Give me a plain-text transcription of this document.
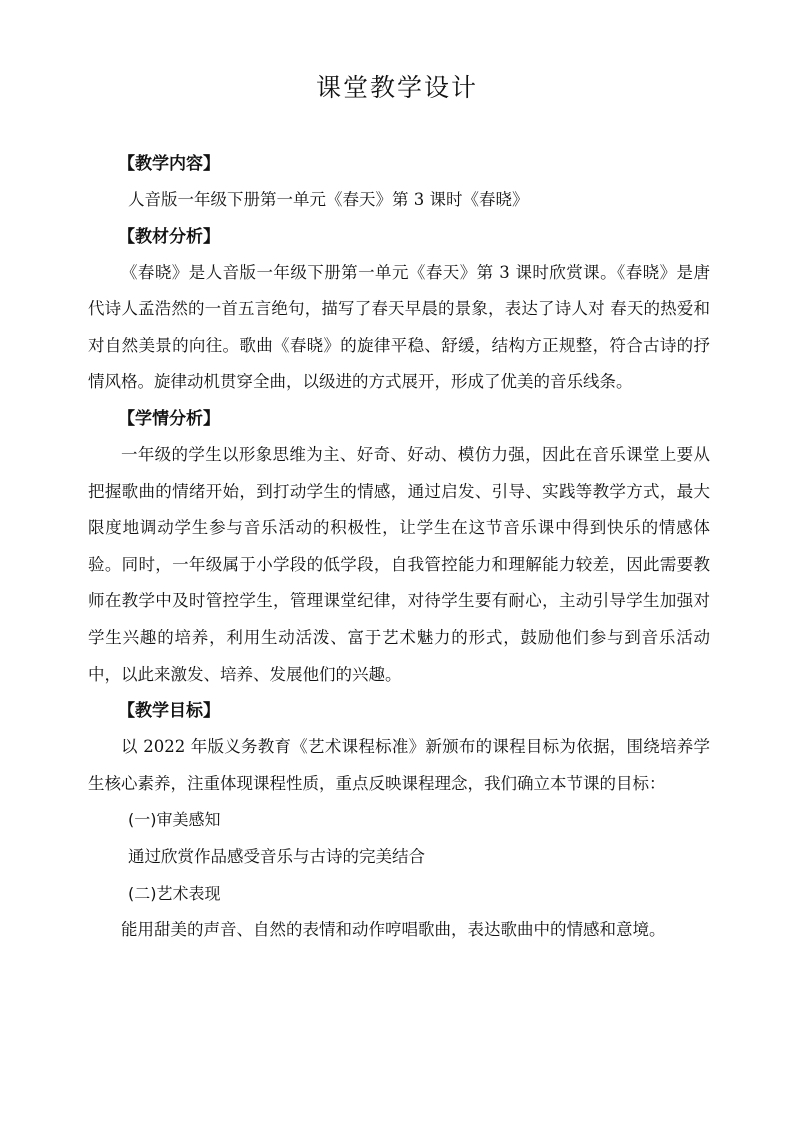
课堂教学设计
【教学内容】
人音版一年级下册第一单元《春天》第 3 课时《春晓》
【教材分析】

《春晓》是人音版一年级下册第一单元《春天》第 3 课时欣赏课。《春晓》是唐代诗人孟浩然的一首五言绝句，描写了春天早晨的景象，表达了诗人对 春天的热爱和对自然美景的向往。歌曲《春晓》的旋律平稳、舒缓，结构方正规整，符合古诗的抒情风格。旋律动机贯穿全曲，以级进的方式展开，形成了优美的音乐线条。

【学情分析】

一年级的学生以形象思维为主、好奇、好动、模仿力强，因此在音乐课堂上要从把握歌曲的情绪开始，到打动学生的情感，通过启发、引导、实践等教学方式，最大限度地调动学生参与音乐活动的积极性，让学生在这节音乐课中得到快乐的情感体验。同时，一年级属于小学段的低学段，自我管控能力和理解能力较差，因此需要教师在教学中及时管控学生，管理课堂纪律，对待学生要有耐心，主动引导学生加强对学生兴趣的培养，利用生动活泼、富于艺术魅力的形式，鼓励他们参与到音乐活动中，以此来激发、培养、发展他们的兴趣。

【教学目标】

以 2022 年版义务教育《艺术课程标准》新颁布的课程目标为依据，围绕培养学生核心素养，注重体现课程性质，重点反映课程理念，我们确立本节课的目标：

(一)审美感知
通过欣赏作品感受音乐与古诗的完美结合
(二)艺术表现

能用甜美的声音、自然的表情和动作哼唱歌曲，表达歌曲中的情感和意境。
